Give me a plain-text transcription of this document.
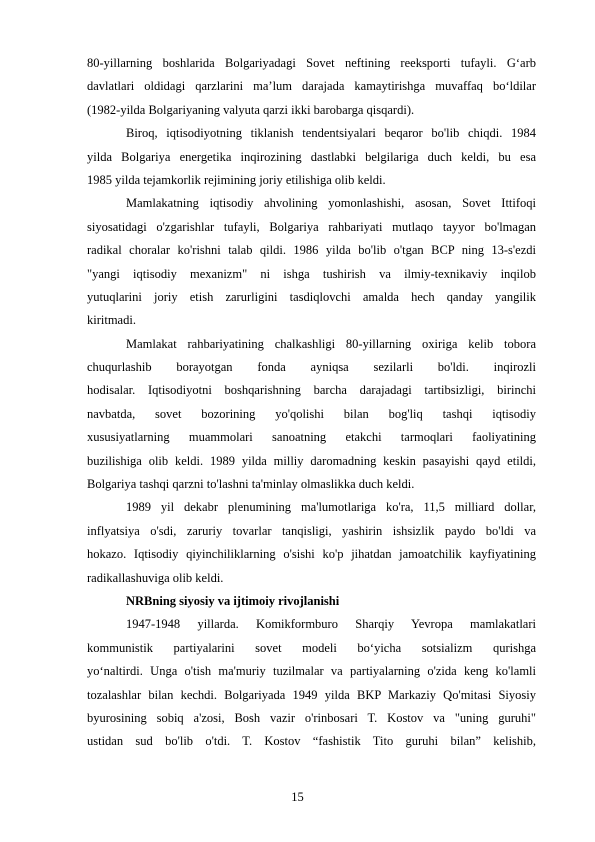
80-yillarning boshlarida Bolgariyadagi Sovet neftining reeksporti tufayli. G‘arb
davlatlari oldidagi qarzlarini ma’lum darajada kamaytirishga muvaffaq bo‘ldilar
(1982-yilda Bolgariyaning valyuta qarzi ikki barobarga qisqardi).
Biroq, iqtisodiyotning tiklanish tendentsiyalari beqaror bo'lib chiqdi. 1984
yilda Bolgariya energetika inqirozining dastlabki belgilariga duch keldi, bu esa
1985 yilda tejamkorlik rejimining joriy etilishiga olib keldi.
Mamlakatning iqtisodiy ahvolining yomonlashishi, asosan, Sovet Ittifoqi
siyosatidagi o'zgarishlar tufayli, Bolgariya rahbariyati mutlaqo tayyor bo'lmagan
radikal choralar ko'rishni talab qildi. 1986 yilda bo'lib o'tgan BCP ning 13-s'ezdi
"yangi iqtisodiy mexanizm" ni ishga tushirish va ilmiy-texnikaviy inqilob
yutuqlarini joriy etish zarurligini tasdiqlovchi amalda hech qanday yangilik
kiritmadi.
Mamlakat rahbariyatining chalkashligi 80-yillarning oxiriga kelib tobora
chuqurlashib borayotgan fonda ayniqsa sezilarli bo'ldi. inqirozli
hodisalar. Iqtisodiyotni boshqarishning barcha darajadagi tartibsizligi, birinchi
navbatda, sovet bozorining yo'qolishi bilan bog'liq tashqi iqtisodiy
xususiyatlarning muammolari sanoatning etakchi tarmoqlari faoliyatining
buzilishiga olib keldi. 1989 yilda milliy daromadning keskin pasayishi qayd etildi,
Bolgariya tashqi qarzni to'lashni ta'minlay olmaslikka duch keldi.
1989 yil dekabr plenumining ma'lumotlariga ko'ra, 11,5 milliard dollar,
inflyatsiya o'sdi, zaruriy tovarlar tanqisligi, yashirin ishsizlik paydo bo'ldi va
hokazo. Iqtisodiy qiyinchiliklarning o'sishi ko'p jihatdan jamoatchilik kayfiyatining
radikallashuviga olib keldi.
NRBning siyosiy va ijtimoiy rivojlanishi
1947-1948 yillarda. Komikformburo Sharqiy Yevropa mamlakatlari
kommunistik partiyalarini sovet modeli bo‘yicha sotsializm qurishga
yo‘naltirdi. Unga o'tish ma'muriy tuzilmalar va partiyalarning o'zida keng ko'lamli
tozalashlar bilan kechdi. Bolgariyada 1949 yilda BKP Markaziy Qo'mitasi Siyosiy
byurosining sobiq a'zosi, Bosh vazir o'rinbosari T. Kostov va "uning guruhi"
ustidan sud bo'lib o'tdi. T. Kostov “fashistik Tito guruhi bilan” kelishib,
15
